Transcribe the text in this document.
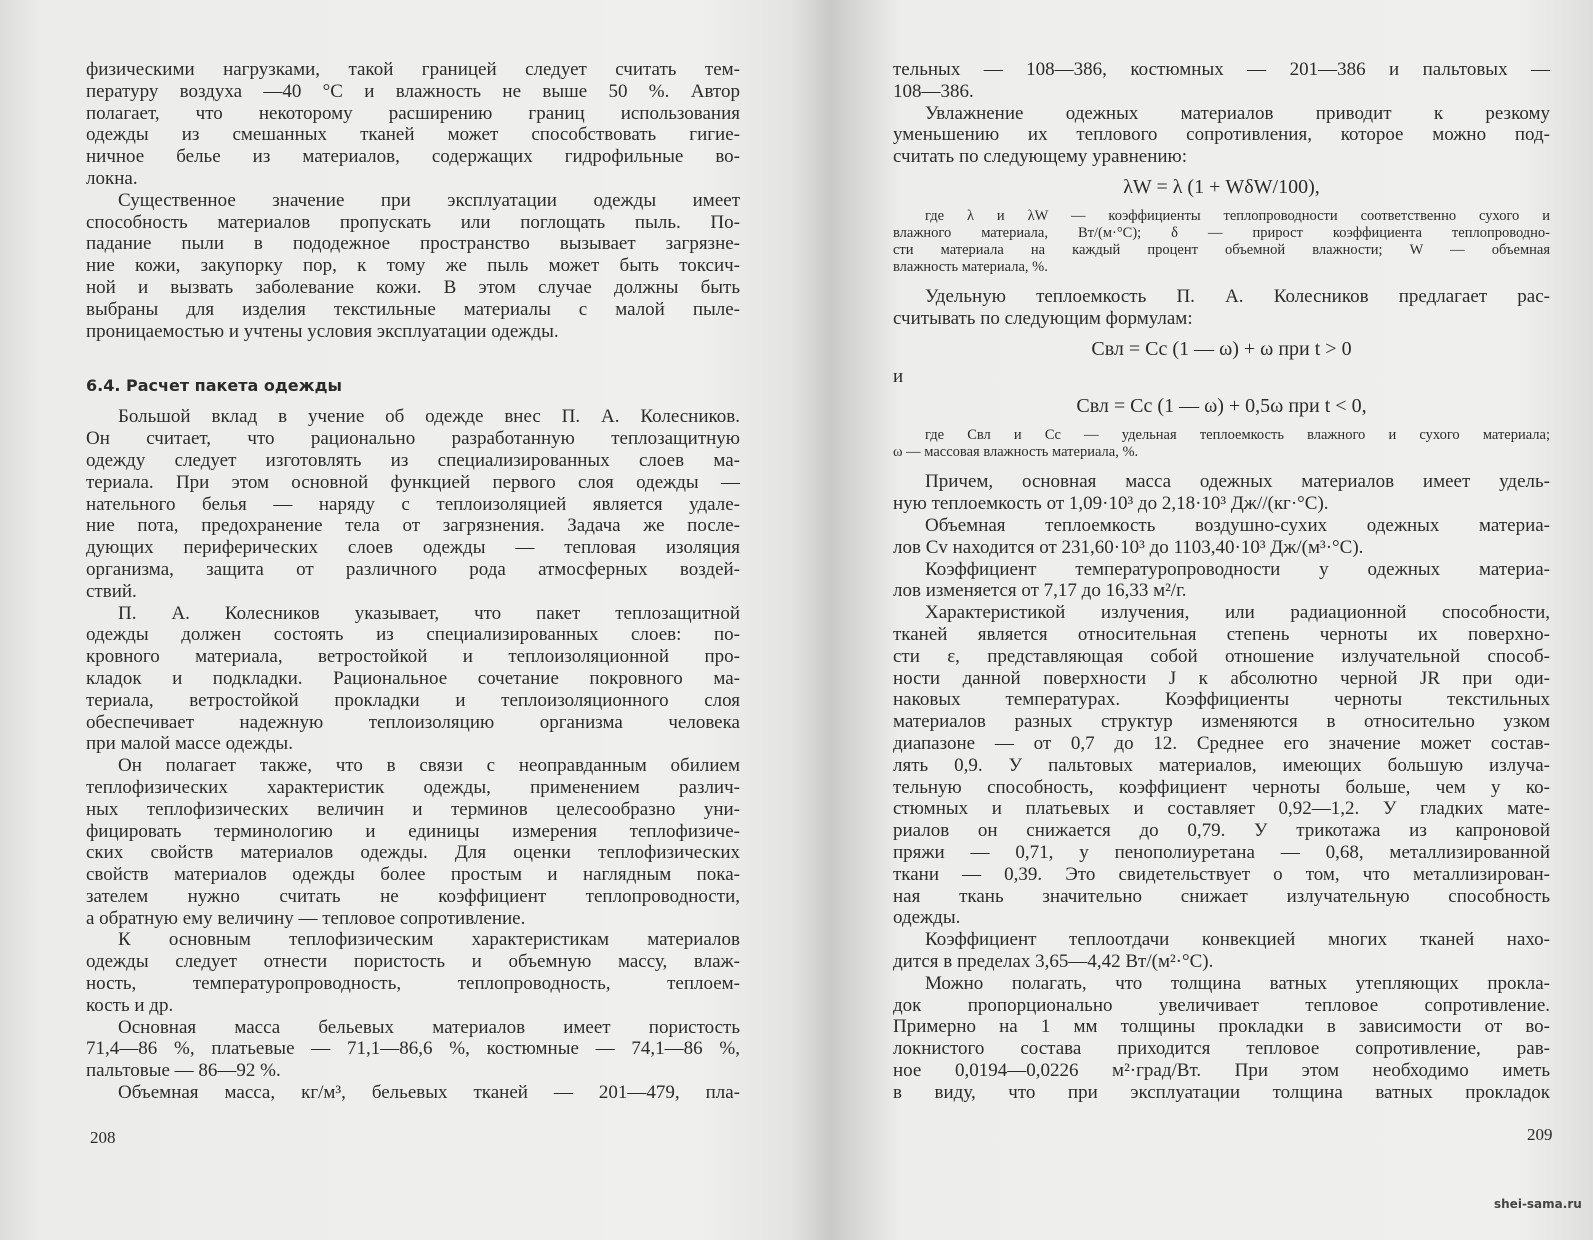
физическими нагрузками, такой границей следует считать тем-
пературу воздуха —40 °С и влажность не выше 50 %. Автор
полагает, что некоторому расширению границ использования
одежды из смешанных тканей может способствовать гигие-
ничное белье из материалов, содержащих гидрофильные во-
локна.
Существенное значение при эксплуатации одежды имеет
способность материалов пропускать или поглощать пыль. По-
падание пыли в пододежное пространство вызывает загрязне-
ние кожи, закупорку пор, к тому же пыль может быть токсич-
ной и вызвать заболевание кожи. В этом случае должны быть
выбраны для изделия текстильные материалы с малой пыле-
проницаемостью и учтены условия эксплуатации одежды.
6.4. Расчет пакета одежды
Большой вклад в учение об одежде внес П. А. Колесников.
Он считает, что рационально разработанную теплозащитную
одежду следует изготовлять из специализированных слоев ма-
териала. При этом основной функцией первого слоя одежды —
нательного белья — наряду с теплоизоляцией является удале-
ние пота, предохранение тела от загрязнения. Задача же после-
дующих периферических слоев одежды — тепловая изоляция
организма, защита от различного рода атмосферных воздей-
ствий.
П. А. Колесников указывает, что пакет теплозащитной
одежды должен состоять из специализированных слоев: по-
кровного материала, ветростойкой и теплоизоляционной про-
кладок и подкладки. Рациональное сочетание покровного ма-
териала, ветростойкой прокладки и теплоизоляционного слоя
обеспечивает надежную теплоизоляцию организма человека
при малой массе одежды.
Он полагает также, что в связи с неоправданным обилием
теплофизических характеристик одежды, применением различ-
ных теплофизических величин и терминов целесообразно уни-
фицировать терминологию и единицы измерения теплофизиче-
ских свойств материалов одежды. Для оценки теплофизических
свойств материалов одежды более простым и наглядным пока-
зателем нужно считать не коэффициент теплопроводности,
а обратную ему величину — тепловое сопротивление.
К основным теплофизическим характеристикам материалов
одежды следует отнести пористость и объемную массу, влаж-
ность, температуропроводность, теплопроводность, теплоем-
кость и др.
Основная масса бельевых материалов имеет пористость
71,4—86 %, платьевые — 71,1—86,6 %, костюмные — 74,1—86 %,
пальтовые — 86—92 %.
Объемная масса, кг/м³, бельевых тканей — 201—479, пла-
тельных — 108—386, костюмных — 201—386 и пальтовых —
108—386.
Увлажнение одежных материалов приводит к резкому
уменьшению их теплового сопротивления, которое можно под-
считать по следующему уравнению:
λW = λ (1 + WδW/100),
где λ и λW — коэффициенты теплопроводности соответственно сухого и
влажного материала, Вт/(м·°С); δ — прирост коэффициента теплопроводно-
сти материала на каждый процент объемной влажности; W — объемная
влажность материала, %.
Удельную теплоемкость П. А. Колесников предлагает рас-
считывать по следующим формулам:
Cвл = Cс (1 — ω) + ω при t > 0
и
Cвл = Cс (1 — ω) + 0,5ω при t < 0,
где Cвл и Cс — удельная теплоемкость влажного и сухого материала;
ω — массовая влажность материала, %.
Причем, основная масса одежных материалов имеет удель-
ную теплоемкость от 1,09·10³ до 2,18·10³ Дж//(кг·°С).
Объемная теплоемкость воздушно-сухих одежных материа-
лов Cv находится от 231,60·10³ до 1103,40·10³ Дж/(м³·°С).
Коэффициент температуропроводности у одежных материа-
лов изменяется от 7,17 до 16,33 м²/г.
Характеристикой излучения, или радиационной способности,
тканей является относительная степень черноты их поверхно-
сти ε, представляющая собой отношение излучательной способ-
ности данной поверхности J к абсолютно черной JR при оди-
наковых температурах. Коэффициенты черноты текстильных
материалов разных структур изменяются в относительно узком
диапазоне — от 0,7 до 12. Среднее его значение может состав-
лять 0,9. У пальтовых материалов, имеющих большую излуча-
тельную способность, коэффициент черноты больше, чем у ко-
стюмных и платьевых и составляет 0,92—1,2. У гладких мате-
риалов он снижается до 0,79. У трикотажа из капроновой
пряжи — 0,71, у пенополиуретана — 0,68, металлизированной
ткани — 0,39. Это свидетельствует о том, что металлизирован-
ная ткань значительно снижает излучательную способность
одежды.
Коэффициент теплоотдачи конвекцией многих тканей нахо-
дится в пределах 3,65—4,42 Вт/(м²·°С).
Можно полагать, что толщина ватных утепляющих прокла-
док пропорционально увеличивает тепловое сопротивление.
Примерно на 1 мм толщины прокладки в зависимости от во-
локнистого состава приходится тепловое сопротивление, рав-
ное 0,0194—0,0226 м²·град/Вт. При этом необходимо иметь
в виду, что при эксплуатации толщина ватных прокладок
208	209
shei-sama.ru
